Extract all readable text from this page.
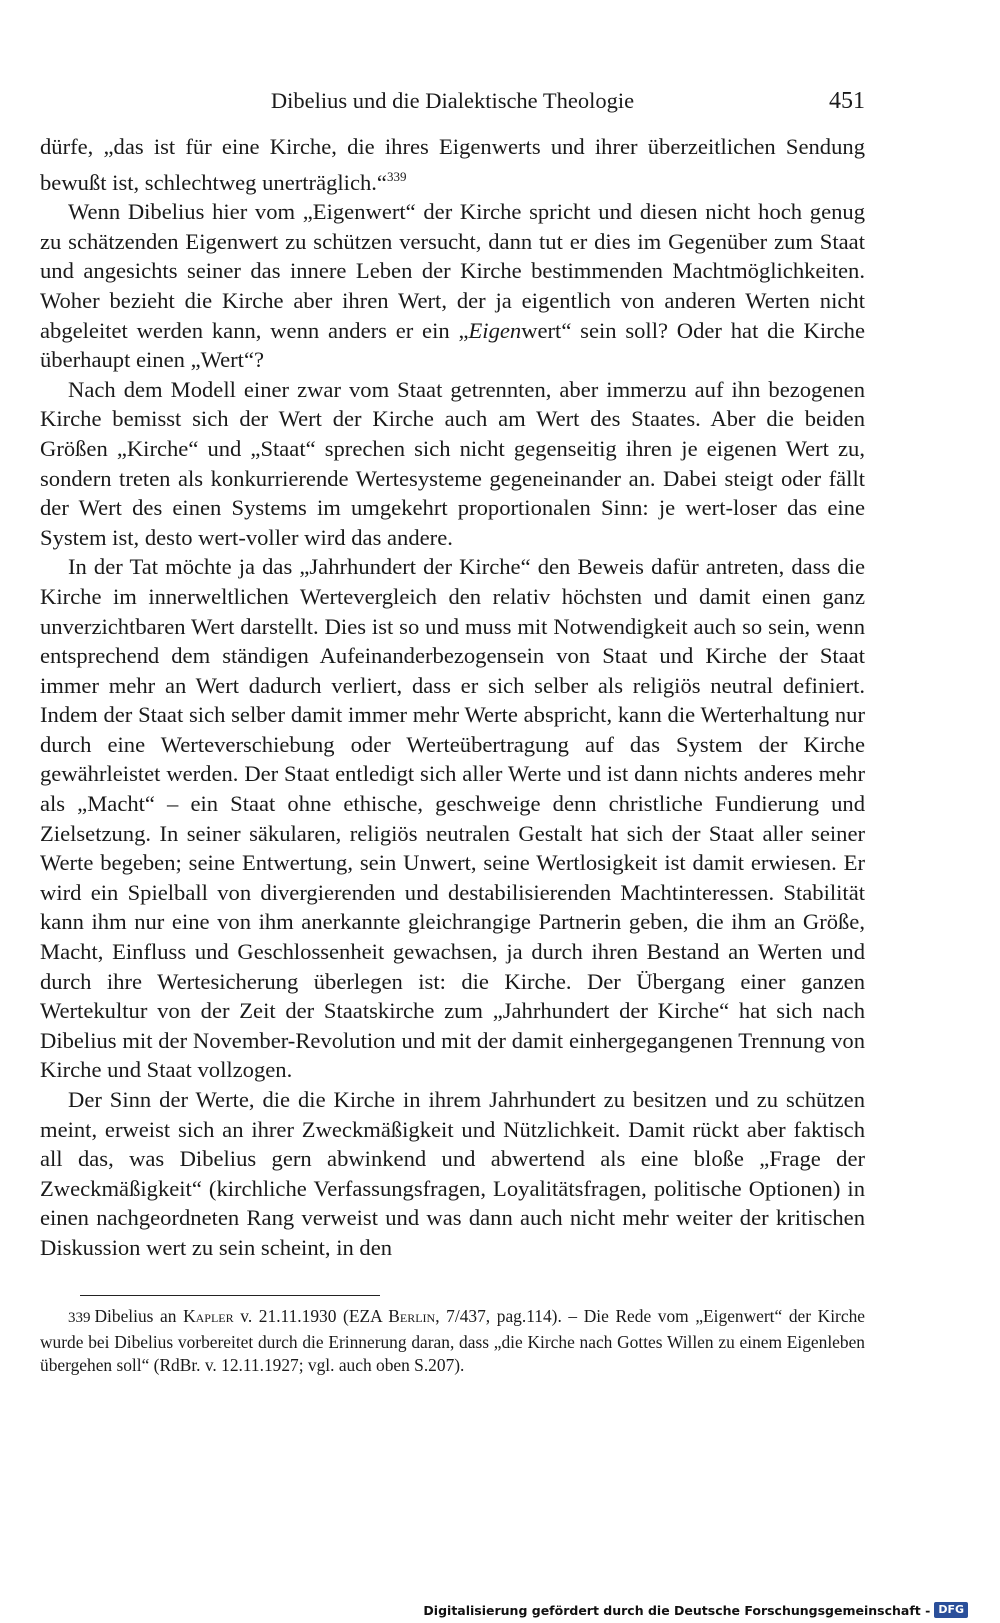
Dibelius und die Dialektische Theologie	451

dürfe, „das ist für eine Kirche, die ihres Eigenwerts und ihrer überzeitlichen Sendung bewußt ist, schlechtweg unerträglich.“$^{339}$

Wenn Dibelius hier vom „Eigenwert“ der Kirche spricht und diesen nicht hoch genug zu schätzenden Eigenwert zu schützen versucht, dann tut er dies im Gegenüber zum Staat und angesichts seiner das innere Leben der Kirche bestimmenden Machtmöglichkeiten. Woher bezieht die Kirche aber ihren Wert, der ja eigentlich von anderen Werten nicht abgeleitet werden kann, wenn anders er ein „Eigenwert“ sein soll? Oder hat die Kirche überhaupt einen „Wert“?

Nach dem Modell einer zwar vom Staat getrennten, aber immerzu auf ihn bezogenen Kirche bemisst sich der Wert der Kirche auch am Wert des Staates. Aber die beiden Größen „Kirche“ und „Staat“ sprechen sich nicht gegenseitig ihren je eigenen Wert zu, sondern treten als konkurrierende Wertesysteme gegeneinander an. Dabei steigt oder fällt der Wert des einen Systems im umgekehrt proportionalen Sinn: je wert-loser das eine System ist, desto wert-voller wird das andere.

In der Tat möchte ja das „Jahrhundert der Kirche“ den Beweis dafür antreten, dass die Kirche im innerweltlichen Wertevergleich den relativ höchsten und damit einen ganz unverzichtbaren Wert darstellt. Dies ist so und muss mit Notwendigkeit auch so sein, wenn entsprechend dem ständigen Aufeinanderbezogensein von Staat und Kirche der Staat immer mehr an Wert dadurch verliert, dass er sich selber als religiös neutral definiert. Indem der Staat sich selber damit immer mehr Werte abspricht, kann die Werterhaltung nur durch eine Werteverschiebung oder Werteübertragung auf das System der Kirche gewährleistet werden. Der Staat entledigt sich aller Werte und ist dann nichts anderes mehr als „Macht“ – ein Staat ohne ethische, geschweige denn christliche Fundierung und Zielsetzung. In seiner säkularen, religiös neutralen Gestalt hat sich der Staat aller seiner Werte begeben; seine Entwertung, sein Unwert, seine Wertlosigkeit ist damit erwiesen. Er wird ein Spielball von divergierenden und destabilisierenden Machtinteressen. Stabilität kann ihm nur eine von ihm anerkannte gleichrangige Partnerin geben, die ihm an Größe, Macht, Einfluss und Geschlossenheit gewachsen, ja durch ihren Bestand an Werten und durch ihre Wertesicherung überlegen ist: die Kirche. Der Übergang einer ganzen Wertekultur von der Zeit der Staatskirche zum „Jahrhundert der Kirche“ hat sich nach Dibelius mit der November-Revolution und mit der damit einhergegangenen Trennung von Kirche und Staat vollzogen.

Der Sinn der Werte, die die Kirche in ihrem Jahrhundert zu besitzen und zu schützen meint, erweist sich an ihrer Zweckmäßigkeit und Nützlichkeit. Damit rückt aber faktisch all das, was Dibelius gern abwinkend und abwertend als eine bloße „Frage der Zweckmäßigkeit“ (kirchliche Verfassungsfragen, Loyalitätsfragen, politische Optionen) in einen nachgeordneten Rang verweist und was dann auch nicht mehr weiter der kritischen Diskussion wert zu sein scheint, in den

339 Dibelius an Kapler v. 21.11.1930 (EZA Berlin, 7/437, pag.114). – Die Rede vom „Eigenwert“ der Kirche wurde bei Dibelius vorbereitet durch die Erinnerung daran, dass „die Kirche nach Gottes Willen zu einem Eigenleben übergehen soll“ (RdBr. v. 12.11.1927; vgl. auch oben S.207).

Digitalisierung gefördert durch die Deutsche Forschungsgemeinschaft - DFG
